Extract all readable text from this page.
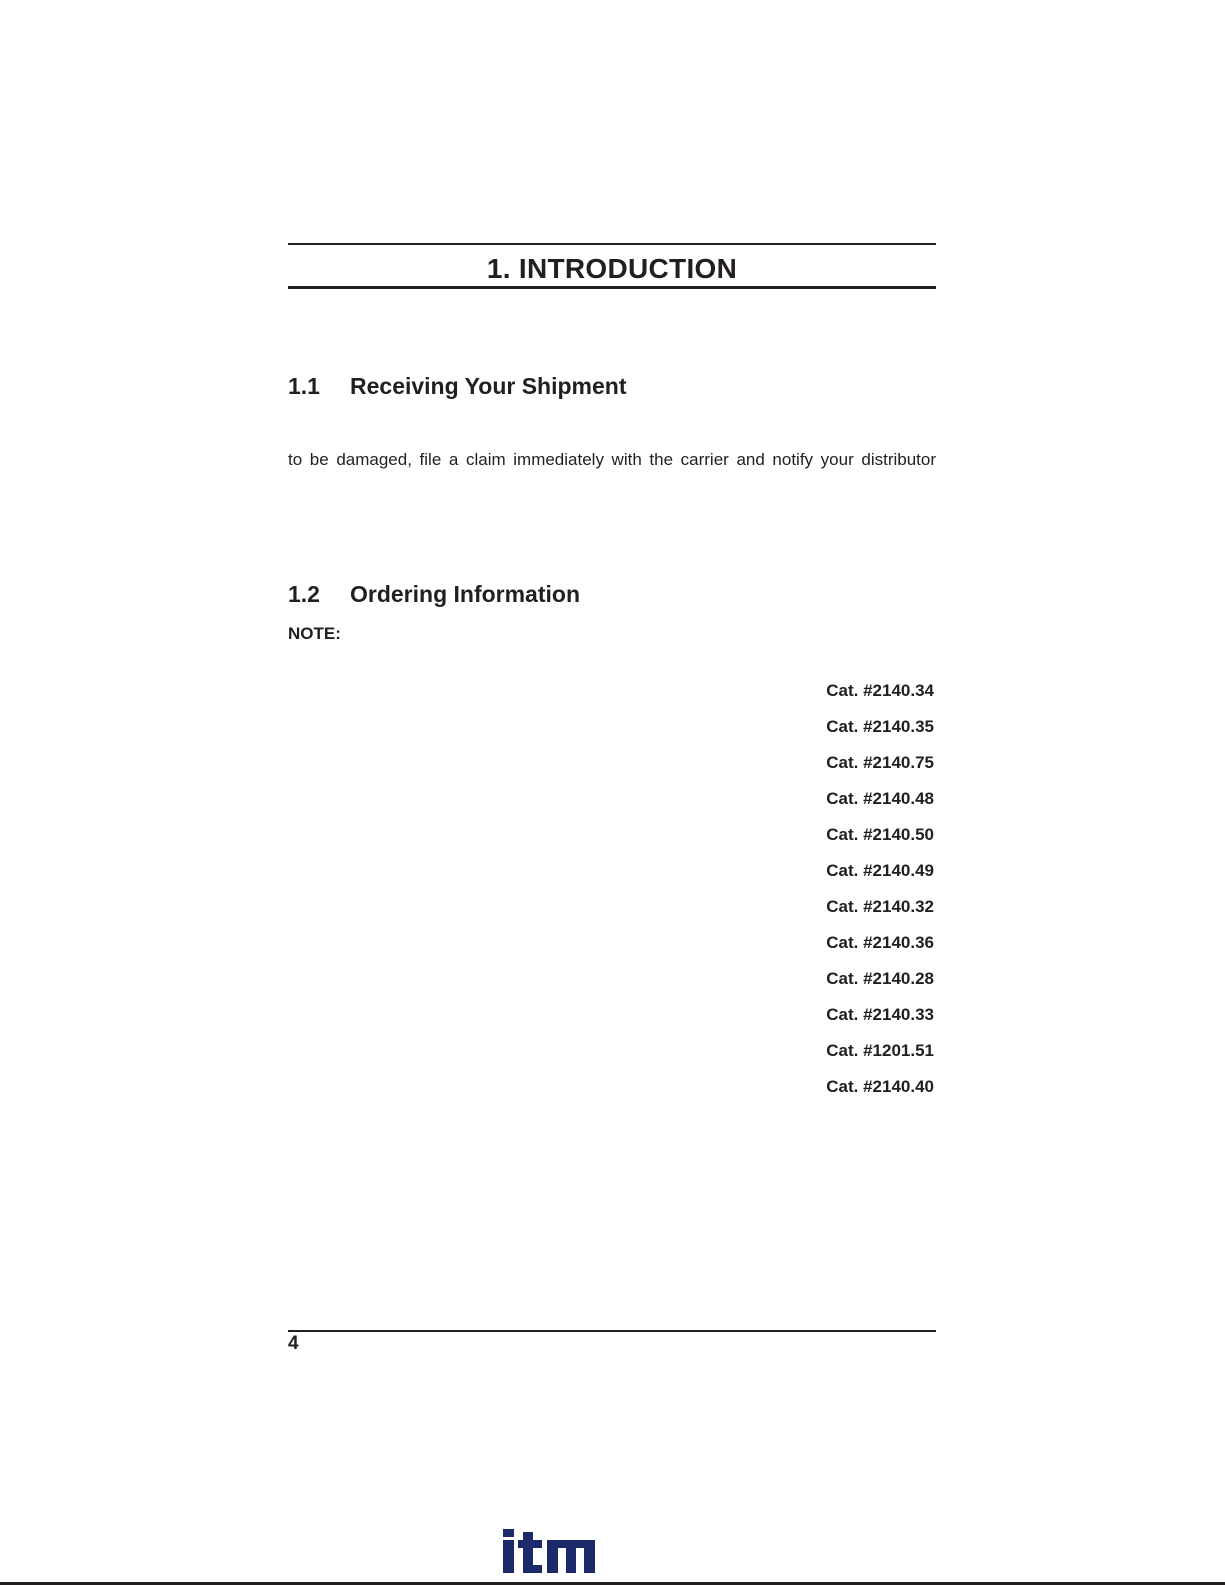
1. INTRODUCTION
1.1 Receiving Your Shipment
to be damaged, file a claim immediately with the carrier and notify your distributor
1.2 Ordering Information
NOTE:
Cat. #2140.34
Cat. #2140.35
Cat. #2140.75
Cat. #2140.48
Cat. #2140.50
Cat. #2140.49
Cat. #2140.32
Cat. #2140.36
Cat. #2140.28
Cat. #2140.33
Cat. #1201.51
Cat. #2140.40
4
